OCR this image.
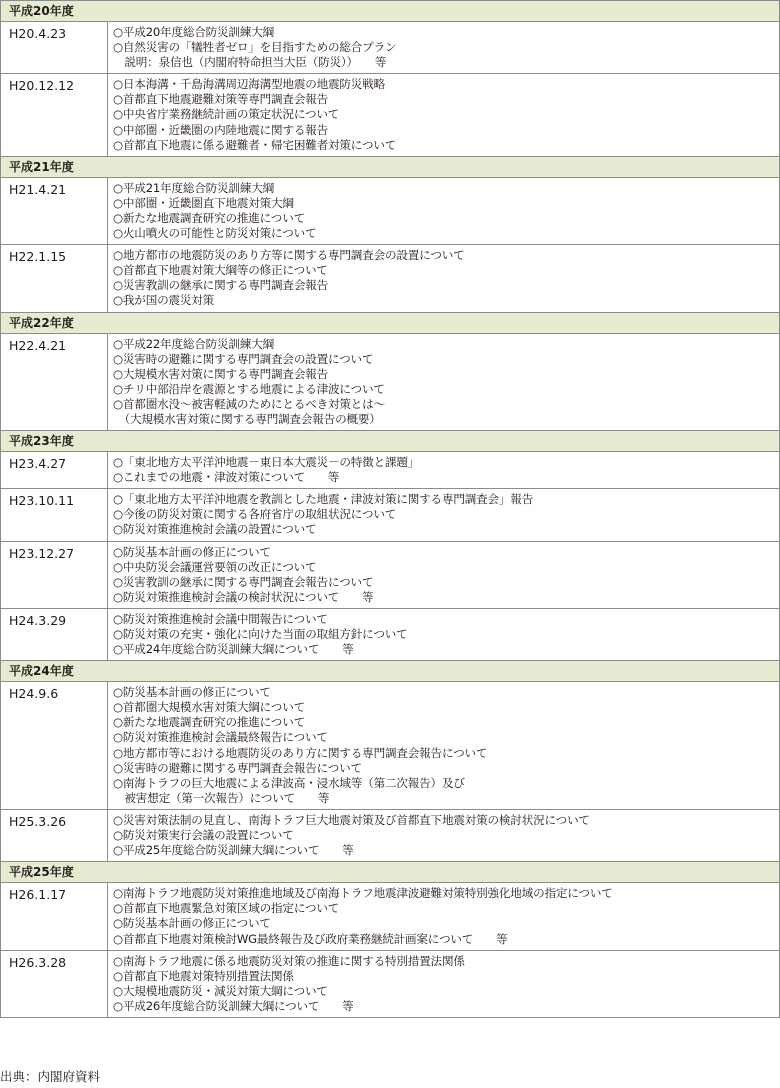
平成20年度
H20.4.23	○平成20年度総合防災訓練大綱
○自然災害の「犠牲者ゼロ」を目指すための総合プラン
　説明：泉信也（内閣府特命担当大臣（防災））　　等
H20.12.12	○日本海溝・千島海溝周辺海溝型地震の地震防災戦略
○首都直下地震避難対策等専門調査会報告
○中央省庁業務継続計画の策定状況について
○中部圏・近畿圏の内陸地震に関する報告
○首都直下地震に係る避難者・帰宅困難者対策について
平成21年度
H21.4.21	○平成21年度総合防災訓練大綱
○中部圏・近畿圏直下地震対策大綱
○新たな地震調査研究の推進について
○火山噴火の可能性と防災対策について
H22.1.15	○地方都市の地震防災のあり方等に関する専門調査会の設置について
○首都直下地震対策大綱等の修正について
○災害教訓の継承に関する専門調査会報告
○我が国の震災対策
平成22年度
H22.4.21	○平成22年度総合防災訓練大綱
○災害時の避難に関する専門調査会の設置について
○大規模水害対策に関する専門調査会報告
○チリ中部沿岸を震源とする地震による津波について
○首都圏水没～被害軽減のためにとるべき対策とは～
　（大規模水害対策に関する専門調査会報告の概要）
平成23年度
H23.4.27	○「東北地方太平洋沖地震－東日本大震災－の特徴と課題」
○これまでの地震・津波対策について　　等
H23.10.11	○「東北地方太平洋沖地震を教訓とした地震・津波対策に関する専門調査会」報告
○今後の防災対策に関する各府省庁の取組状況について
○防災対策推進検討会議の設置について
H23.12.27	○防災基本計画の修正について
○中央防災会議運営要領の改正について
○災害教訓の継承に関する専門調査会報告について
○防災対策推進検討会議の検討状況について　　等
H24.3.29	○防災対策推進検討会議中間報告について
○防災対策の充実・強化に向けた当面の取組方針について
○平成24年度総合防災訓練大綱について　　等
平成24年度
H24.9.6	○防災基本計画の修正について
○首都圏大規模水害対策大綱について
○新たな地震調査研究の推進について
○防災対策推進検討会議最終報告について
○地方都市等における地震防災のあり方に関する専門調査会報告について
○災害時の避難に関する専門調査会報告について
○南海トラフの巨大地震による津波高・浸水域等（第二次報告）及び
　被害想定（第一次報告）について　　等
H25.3.26	○災害対策法制の見直し、南海トラフ巨大地震対策及び首都直下地震対策の検討状況について
○防災対策実行会議の設置について
○平成25年度総合防災訓練大綱について　　等
平成25年度
H26.1.17	○南海トラフ地震防災対策推進地域及び南海トラフ地震津波避難対策特別強化地域の指定について
○首都直下地震緊急対策区域の指定について
○防災基本計画の修正について
○首都直下地震対策検討WG最終報告及び政府業務継続計画案について　　等
H26.3.28	○南海トラフ地震に係る地震防災対策の推進に関する特別措置法関係
○首都直下地震対策特別措置法関係
○大規模地震防災・減災対策大綱について
○平成26年度総合防災訓練大綱について　　等
出典：内閣府資料
